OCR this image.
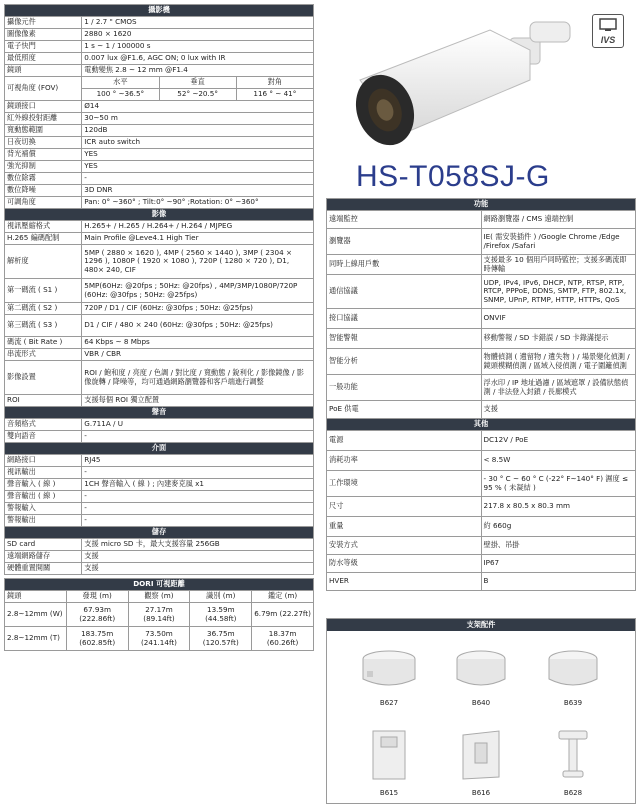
攝影機			
攝像元件	1 / 2.7 " CMOS		
圖像像素	2880 × 1620		
電子快門	1 s ~ 1 / 100000 s		
最低照度	0.007 lux @F1.6, AGC ON; 0 lux with IR		
鏡頭	電動變焦 2.8 ~ 12 mm @F1.4		
可視角度 (FOV)	水平	垂直	對角
	100 ° ~36.5°	52° ~20.5°	116 ° ~ 41°
鏡頭接口	Ø14		
紅外線投射距離	30~50 m		
寬動態範圍	120dB		
日夜切換	ICR auto switch		
背光補償	YES		
強光抑制	YES		
數位除霧	-		
數位降噪	3D DNR		
可調角度	Pan: 0° ~360° ; Tilt:0° ~90° ;Rotation: 0° ~360°		
影像			
視訊壓縮格式	H.265+ / H.265 / H.264+ / H.264 / MJPEG		
H.265 編碼配制	Main Profile @Leve4.1 High Tier		
解析度	5MP ( 2880 × 1620 ), 4MP ( 2560 × 1440 ), 3MP ( 2304 × 1296 ), 1080P ( 1920 × 1080 ), 720P ( 1280 × 720 ), D1, 480× 240, CIF		
第一碼流 ( S1 )	5MP(60Hz: @20fps ; 50Hz: @20fps) , 4MP/3MP/1080P/720P (60Hz: @30fps ; 50Hz: @25fps)		
第二碼流 ( S2 )	720P / D1 / CIF (60Hz: @30fps ; 50Hz: @25fps)		
第三碼流 ( S3 )	D1 / CIF / 480 × 240 (60Hz: @30fps ; 50Hz: @25fps)		
碼流 ( Bit Rate )	64 Kbps ~ 8 Mbps		
串流形式	VBR / CBR		
影像設置	ROI / 飽和度 / 亮度 / 色調 / 對比度 / 寬動態 / 銳利化 / 影像鏡像 / 影像旋轉 / 降噪等，均可通過網路瀏覽器和客戶端進行調整		
ROI	支援每個 ROI 獨立配置		
聲音			
音頻格式	G.711A / U		
雙向語音	-		
介面			
網路接口	RJ45		
視訊輸出	-		
聲音輸入 ( 線 )	1CH 聲音輸入 ( 線 ) ; 內建麥克風 x1		
聲音輸出 ( 線 )	-		
警報輸入	-		
警報輸出	-		
儲存			
SD card	支援 micro SD 卡，最大支援容量 256GB		
遠端網路儲存	支援		
硬體重置開關	支援		
DORI 可視距離				
鏡頭	發現 (m)	觀察 (m)	識別 (m)	鑑定 (m)
2.8~12mm (W)	67.93m (222.86ft)	27.17m (89.14ft)	13.59m (44.58ft)	6.79m (22.27ft)
2.8~12mm (T)	183.75m (602.85ft)	73.50m (241.14ft)	36.75m (120.57ft)	18.37m (60.26ft)
IVS
HS-T058SJ-G
功能	
遠端監控	網路瀏覽器 / CMS 遠端控制
瀏覽器	IE( 需安裝插件 ) /Google Chrome /Edge /Firefox /Safari
同時上線用戶數	支援最多 10 個用戶同時監控；支援多碼流即時傳輸
通信協議	UDP, IPv4, IPv6, DHCP, NTP, RTSP, RTP, RTCP, PPPoE, DDNS, SMTP, FTP, 802.1x, SNMP, UPnP, RTMP, HTTP, HTTPs, QoS
接口協議	ONVIF
智能警報	移動警報 / SD 卡錯誤 / SD 卡錄滿提示
智能分析	物體偵測 ( 遺留物 / 遺失物 ) / 場景變化偵測 / 鏡頭模糊偵測 / 區域入侵偵測 / 電子圍籬偵測
一般功能	浮水印 / IP 地址過濾 / 區域遮罩 / 設備狀態偵測 / 非法登入封鎖 / 長廊模式
PoE 供電	支援
其他	
電源	DC12V / PoE
消耗功率	< 8.5W
工作環境	- 30 ° C ~ 60 ° C (-22° F~140° F) 濕度 ≤ 95 % ( 未凝結 )
尺寸	217.8 x 80.5 x 80.3 mm
重量	約 660g
安裝方式	壁掛、吊掛
防水等級	IP67
HVER	B
支架配件
B627	B640	B639
B615	B616	B628
